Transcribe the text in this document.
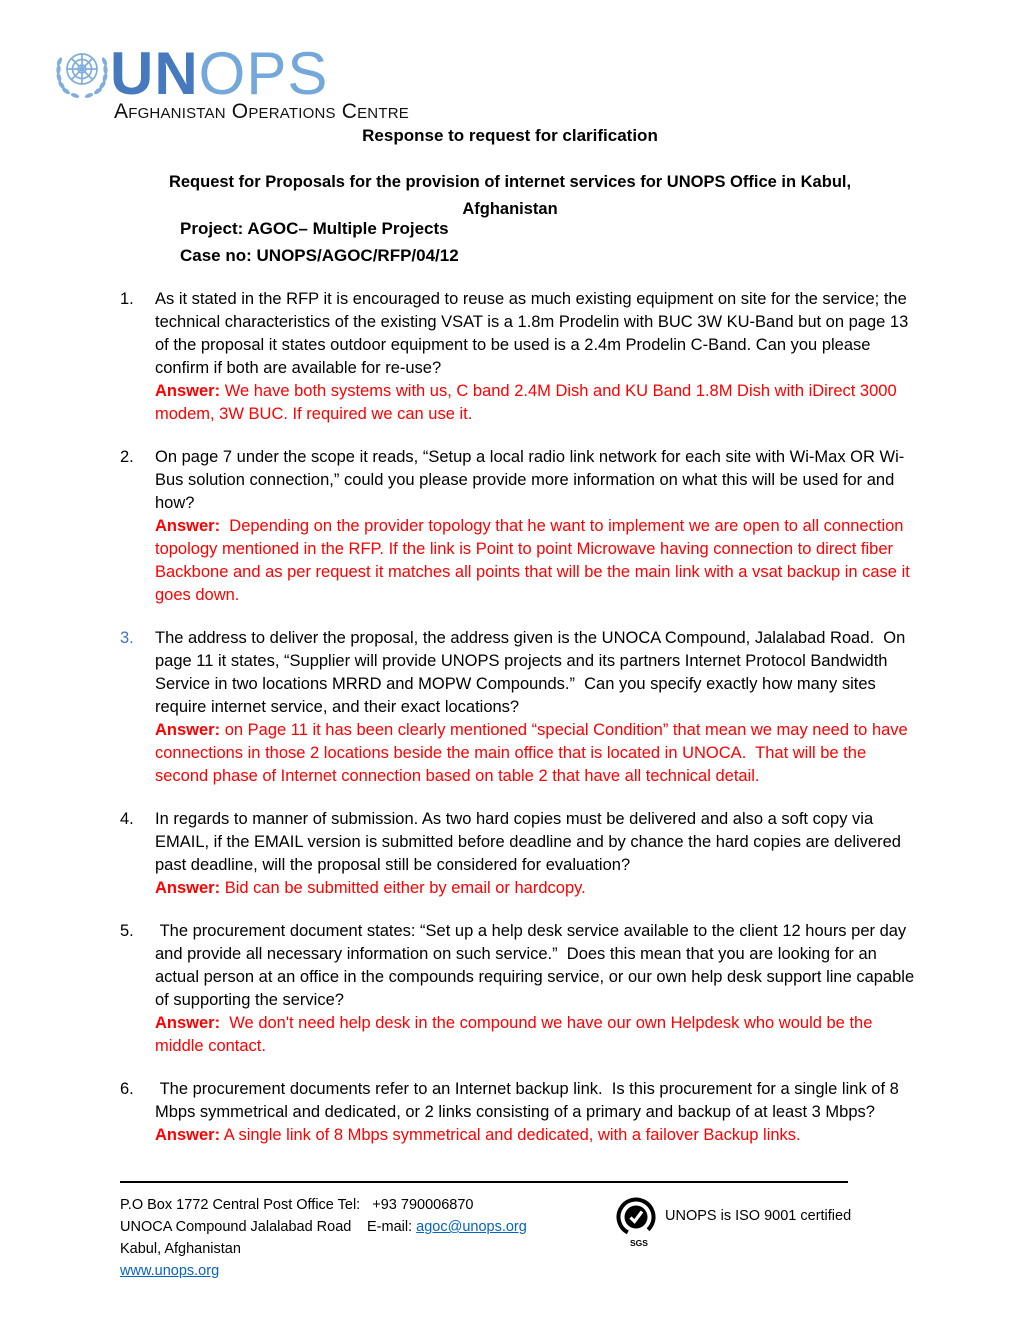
UNOPS
Afghanistan Operations Centre
Response to request for clarification
Request for Proposals for the provision of internet services for UNOPS Office in Kabul, Afghanistan
Project: AGOC– Multiple Projects
Case no: UNOPS/AGOC/RFP/04/12
1.	As it stated in the RFP it is encouraged to reuse as much existing equipment on site for the service; the technical characteristics of the existing VSAT is a 1.8m Prodelin with BUC 3W KU-Band but on page 13 of the proposal it states outdoor equipment to be used is a 2.4m Prodelin C-Band. Can you please confirm if both are available for re-use?
Answer: We have both systems with us, C band 2.4M Dish and KU Band 1.8M Dish with iDirect 3000 modem, 3W BUC. If required we can use it.
2.	On page 7 under the scope it reads, “Setup a local radio link network for each site with Wi-Max OR Wi-Bus solution connection,” could you please provide more information on what this will be used for and how?
Answer:  Depending on the provider topology that he want to implement we are open to all connection topology mentioned in the RFP. If the link is Point to point Microwave having connection to direct fiber Backbone and as per request it matches all points that will be the main link with a vsat backup in case it goes down.
3.	The address to deliver the proposal, the address given is the UNOCA Compound, Jalalabad Road.  On page 11 it states, “Supplier will provide UNOPS projects and its partners Internet Protocol Bandwidth Service in two locations MRRD and MOPW Compounds.”  Can you specify exactly how many sites require internet service, and their exact locations?
Answer: on Page 11 it has been clearly mentioned “special Condition” that mean we may need to have connections in those 2 locations beside the main office that is located in UNOCA.  That will be the second phase of Internet connection based on table 2 that have all technical detail.
4.	In regards to manner of submission. As two hard copies must be delivered and also a soft copy via EMAIL, if the EMAIL version is submitted before deadline and by chance the hard copies are delivered past deadline, will the proposal still be considered for evaluation?
Answer: Bid can be submitted either by email or hardcopy.
5.	The procurement document states: “Set up a help desk service available to the client 12 hours per day and provide all necessary information on such service.”  Does this mean that you are looking for an actual person at an office in the compounds requiring service, or our own help desk support line capable of supporting the service?
Answer:  We don't need help desk in the compound we have our own Helpdesk who would be the middle contact.
6.	The procurement documents refer to an Internet backup link.  Is this procurement for a single link of 8 Mbps symmetrical and dedicated, or 2 links consisting of a primary and backup of at least 3 Mbps?
Answer: A single link of 8 Mbps symmetrical and dedicated, with a failover Backup links.
P.O Box 1772 Central Post Office Tel:   +93 790006870
UNOCA Compound Jalalabad Road	E-mail: agoc@unops.org
Kabul, Afghanistan
www.unops.org
SGS
UNOPS is ISO 9001 certified
